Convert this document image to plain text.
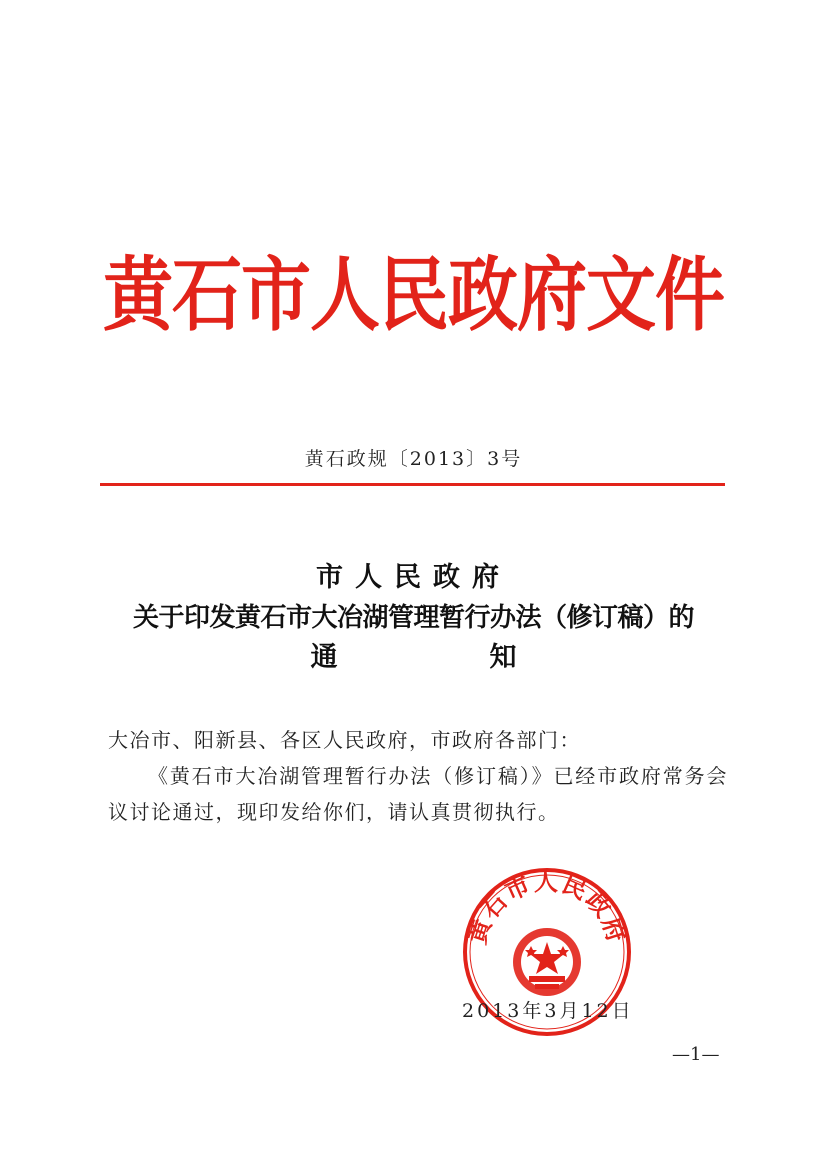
黄石市人民政府文件
黄石政规〔2013〕3号
市人民政府
关于印发黄石市大冶湖管理暂行办法（修订稿）的
通	知

大冶市、阳新县、各区人民政府，市政府各部门：

《黄石市大冶湖管理暂行办法（修订稿）》已经市政府常务会议讨论通过，现印发给你们，请认真贯彻执行。

黄石市人民政府
2013年3月12日
—1—
